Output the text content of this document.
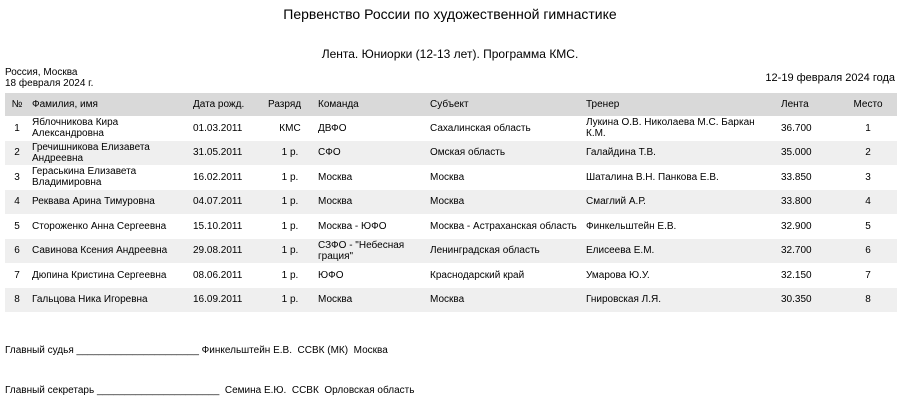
Первенство России по художественной гимнастике
Лента. Юниорки (12-13 лет). Программа КМС.
Россия, Москва
18 февраля 2024 г.	12-19 февраля 2024 года
№	Фамилия, имя	Дата рожд.	Разряд	Команда	Субъект	Тренер	Лента	Место
1	Яблочникова Кира Александровна	01.03.2011	КМС	ДВФО	Сахалинская область	Лукина О.В. Николаева М.С. Баркан К.М.	36.700	1
2	Гречишникова Елизавета Андреевна	31.05.2011	1 р.	СФО	Омская область	Галайдина Т.В.	35.000	2
3	Гераськина Елизавета Владимировна	16.02.2011	1 р.	Москва	Москва	Шаталина В.Н. Панкова Е.В.	33.850	3
4	Реквава Арина Тимуровна	04.07.2011	1 р.	Москва	Москва	Смаглий А.Р.	33.800	4
5	Стороженко Анна Сергеевна	15.10.2011	1 р.	Москва - ЮФО	Москва - Астраханская область	Финкельштейн Е.В.	32.900	5
6	Савинова Ксения Андреевна	29.08.2011	1 р.	СЗФО - "Небесная грация"	Ленинградская область	Елисеева Е.М.	32.700	6
7	Дюпина Кристина Сергеевна	08.06.2011	1 р.	ЮФО	Краснодарский край	Умарова Ю.У.	32.150	7
8	Гальцова Ника Игоревна	16.09.2011	1 р.	Москва	Москва	Гнировская Л.Я.	30.350	8
Главный судья ______________________ Финкельштейн Е.В.  ССВК (МК)  Москва
Главный секретарь ______________________  Семина Е.Ю.  ССВК  Орловская область
